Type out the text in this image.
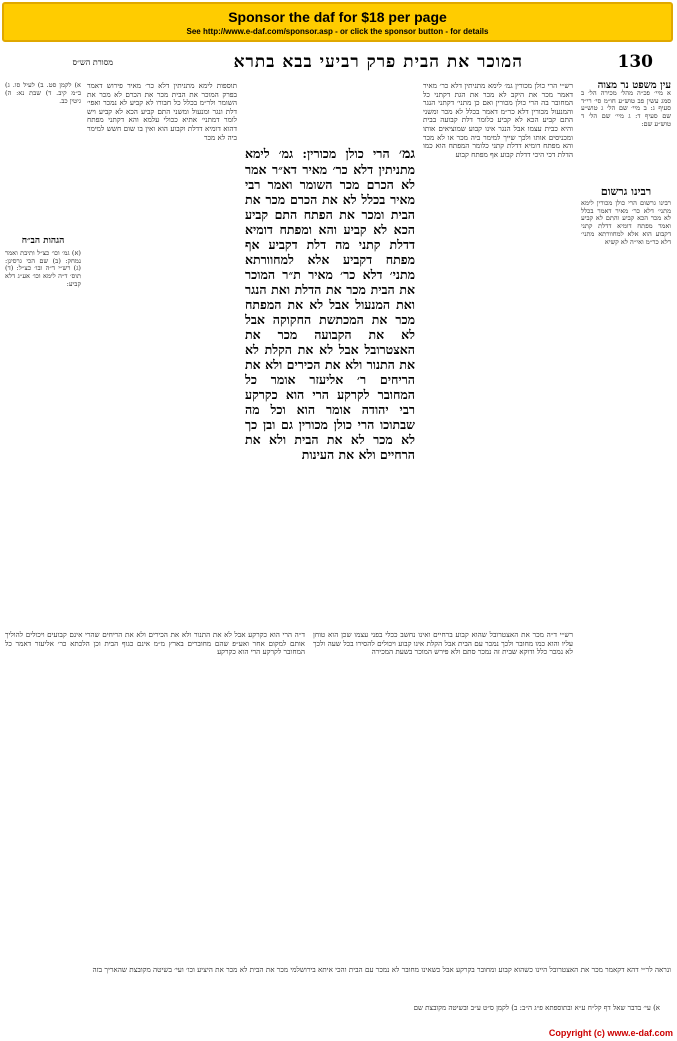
Sponsor the daf for $18 per page
See http://www.e-daf.com/sponsor.asp - or click the sponsor button - for details
130
המוכר את הבית פרק רביעי בבא בתרא
מסורת הש״ס
עין משפט נר מצוה
א מיי׳ פכ״ה מהל׳ מכירה הל׳ ב סמג עשין פב טוש״ע חו״מ סי׳ רי״ד סעיף ג: ב מיי׳ שם הל׳ ג טוש״ע שם סעיף ד: ג מיי׳ שם הל׳ ד טוש״ע שם:
רבינו גרשום
רבינו גרשום הרי כולן מכורין לימא מתני׳ דלא כר׳ מאיר דאמר בכלל לא מכר הכא קביע והתם לא קביע ואמר מפתח דומיא דדלת קתני דקבוע הוא אלא למחוורתא מתני׳ דלא כר״מ ואי״ה לא קשיא
רש״י הרי כולן מכורין גמ׳ לימא מתניתין דלא כר׳ מאיר דאמר מכר את היקב לא מכר את הגת דקתני כל המחובר בה הרי כולן מכורין ואם כן מתני׳ דקתני הנגר והמנעול מכורין דלא כר״מ דאמר בכלל לא מכר ומשני התם קביע הכא לא קביע כלומר דלת קבועה בבית והיא כבית עצמו אבל הנגר אינו קבוע שמוציאים אותו ומכניסים אותו ולכך שייך למימר ביה מכר או לא מכר והא מפתח דומיא דדלת קתני כלומר המפתח הוא כמו הדלת דכי היכי דדלת קבוע אף מפתח קבוע
גמ׳ הרי כולן מכורין: גמ׳ לימא מתניתין דלא כר׳ מאיר דא״ר אמר לא הכרם מכר השומר ואמר רבי מאיר בכלל לא את הכרם מכר את הבית ומכר את הפתח התם קביע הכא לא קביע והא ומפתח דומיא דדלת קתני מה דלת דקביע אף מפתח דקביע אלא למחוורתא מתני׳ דלא כר׳ מאיר ת״ר המוכר את הבית מכר את הדלת ואת הנגר ואת המנעול אבל לא את המפתח מכר את המכתשת החקוקה אבל לא את הקבועה מכר את האצטרובל אבל לא את הקלת לא את התנור ולא את הכירים ולא את הריחים ר׳ אליעזר אומר כל המחובר לקרקע הרי הוא כקרקע רבי יהודה אומר הוא וכל מה שבתוכו הרי כולן מכורין גם ובן כך לא מכר לא את הבית ולא את הרחיים ולא את העינות
תוספות לימא מתניתין דלא כר׳ מאיר פירוש דאמר בפרק המוכר את הבית מכר את הכרם לא מכר את השומר ולר״מ בכלל כל חבורו לא קביע לא נמכר ואפי׳ דלת ונגר ומנעול ומשני התם קביע הכא לא קביע ויש לומר דמתני׳ אתיא ככולי עלמא והא דקתני מפתח דהוא דומיא דדלת וקבוע הוא ואין בו שום חשש למימר ביה לא מכר
א) לקמן סט. ב) לעיל סו. ג) ב״מ קיב. ד) שבת נא: ה) גיטין כב.
הגהות הב״ח
(א) גמ׳ וכו׳ כצ״ל ותיבת ואמר נמחק: (ב) שם הכי גרסינן: (ג) רש״י ד״ה ובו׳ כצ״ל: (ד) תוס׳ ד״ה לימא וכו׳ אע״ג דלא קביע:
רש״י ד״ה מכר את האצטרובל שהוא קבוע ברחיים ואינו נחשב ככלי בפני עצמו שכן הוא טוחן עליו והוא כמו מחובר ולכך נמכר עם הבית אבל הקלת אינו קבוע ויכולים להסירו בכל שעה ולכך לא נמכר כלל ודוקא שבית זה נמכר סתם ולא פירש המוכר בשעת המכירה
ד״ה הרי הוא כקרקע אבל לא את התנור ולא את הכירים ולא את הריחים שהרי אינם קבועים ויכולים להוליך אותם למקום אחר ואע״פ שהם מחוברים בארץ מ״מ אינם כגוף הבית וכן הלכתא כר׳ אליעזר דאמר כל המחובר לקרקע הרי הוא כקרקע
ונראה לר״י דהא דקאמר מכר את האצטרובל היינו כשהוא קבוע ומחובר בקרקע אבל כשאינו מחובר לא נמכר עם הבית והכי איתא בירושלמי מכר את הבית לא מכר את היציע וכו׳ ועי׳ בשיטה מקובצת שהאריך בזה
א) עי׳ בדבר שאל דף קל״ח ע״א ובתוספתא פ״ג ה״ב: ב) לקמן ס״ט ע״ב ובשיטה מקובצת שם
Copyright (c) www.e-daf.com
